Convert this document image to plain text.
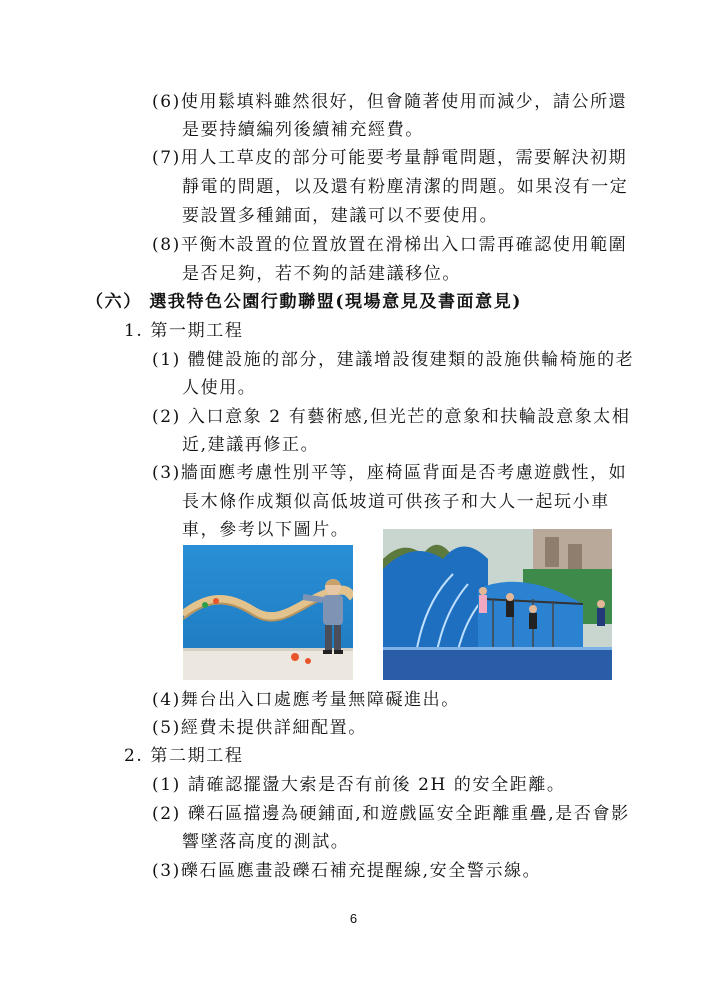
(6)使用鬆填料雖然很好，但會隨著使用而減少，請公所還
是要持續編列後續補充經費。
(7)用人工草皮的部分可能要考量靜電問題，需要解決初期
靜電的問題，以及還有粉塵清潔的問題。如果沒有一定
要設置多種鋪面，建議可以不要使用。
(8)平衡木設置的位置放置在滑梯出入口需再確認使用範圍
是否足夠，若不夠的話建議移位。
（六） 選我特色公園行動聯盟(現場意見及書面意見)
1. 第一期工程
(1) 體健設施的部分，建議增設復建類的設施供輪椅施的老
人使用。
(2) 入口意象 2 有藝術感,但光芒的意象和扶輪設意象太相
近,建議再修正。
(3)牆面應考慮性別平等，座椅區背面是否考慮遊戲性，如
長木條作成類似高低坡道可供孩子和大人一起玩小車
車，參考以下圖片。
(4)舞台出入口處應考量無障礙進出。
(5)經費未提供詳細配置。
2. 第二期工程
(1) 請確認擺盪大索是否有前後 2H 的安全距離。
(2) 礫石區擋邊為硬鋪面,和遊戲區安全距離重疊,是否會影
響墜落高度的測試。
(3)礫石區應畫設礫石補充提醒線,安全警示線。
6
